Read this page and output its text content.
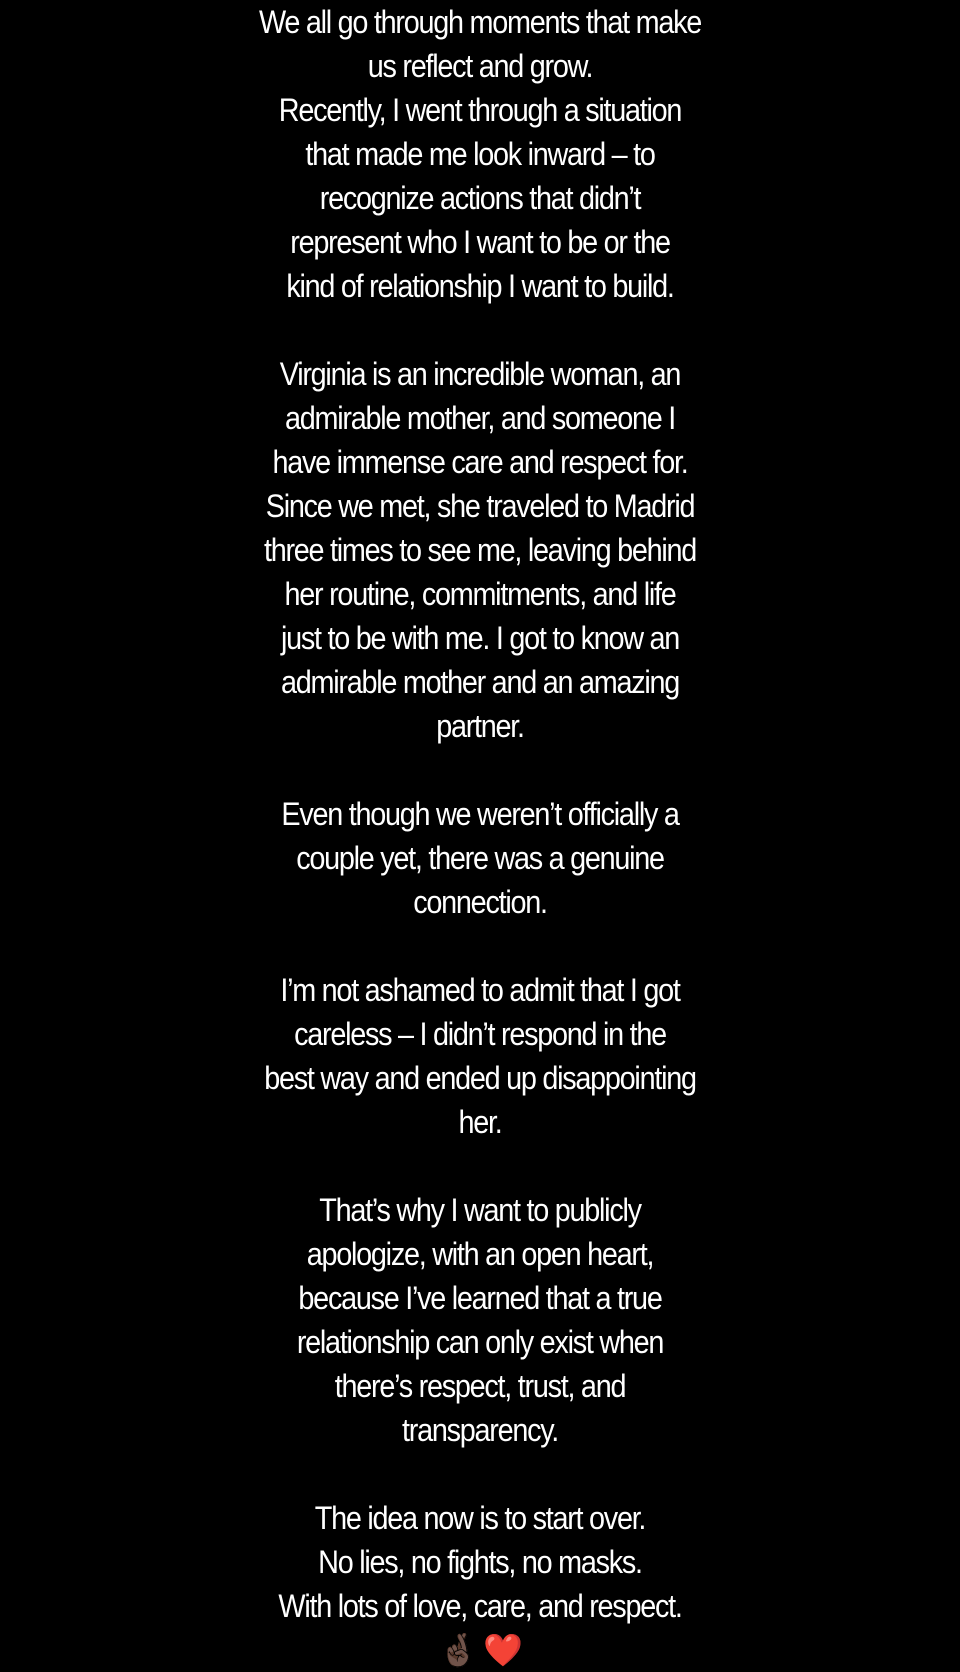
We all go through moments that make
us reflect and grow.
Recently, I went through a situation
that made me look inward – to
recognize actions that didn’t
represent who I want to be or the
kind of relationship I want to build.
Virginia is an incredible woman, an
admirable mother, and someone I
have immense care and respect for.
Since we met, she traveled to Madrid
three times to see me, leaving behind
her routine, commitments, and life
just to be with me. I got to know an
admirable mother and an amazing
partner.
Even though we weren’t officially a
couple yet, there was a genuine
connection.
I’m not ashamed to admit that I got
careless – I didn’t respond in the
best way and ended up disappointing
her.
That’s why I want to publicly
apologize, with an open heart,
because I’ve learned that a true
relationship can only exist when
there’s respect, trust, and
transparency.
The idea now is to start over.
No lies, no fights, no masks.
With lots of love, care, and respect.
🤞🏿 ❤️
